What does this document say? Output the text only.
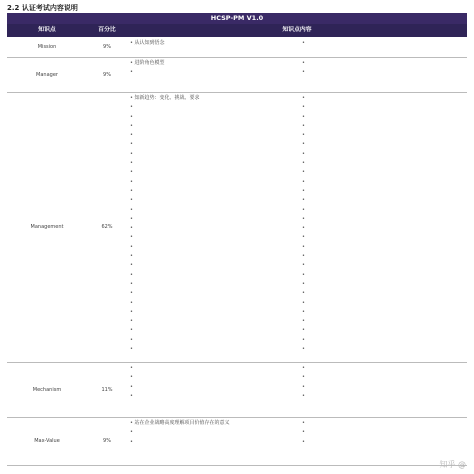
2.2 认证考试内容说明
HCSP-PM V1.0
知识点	百分比	知识点内容
Mission	9%
• 从认知到悟念
•
Manager	9%
• 进阶角色模型
•
•
•
Management	62%
• 知新趋势：变化、挑战、要求
•
•
•
•
•
•
•
•
•
•
•
•
•
•
•
•
•
•
•
•
•
•
•
•
•
•
•
•
•
•
•
•
•
•
•
•
•
•
•
•
•
•
•
•
•
•
•
•
•
•
•
•
•
•
•
Mechanism	11%
•
•
•
•
•
•
•
•
Max-Value	9%
• 站在企业战略高度理解项目价值存在的意义
•
•
•
•
•
知乎 @
